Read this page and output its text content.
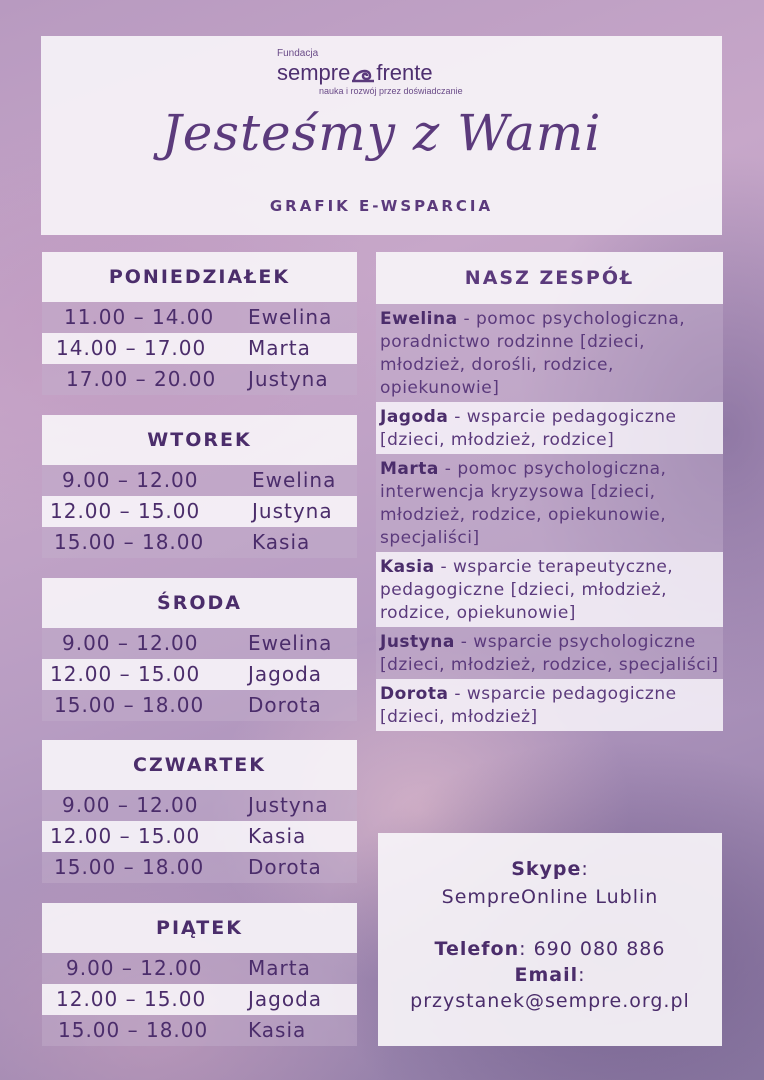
Fundacja
sempre frente
nauka i rozwój przez doświadczanie
Jesteśmy z Wami
GRAFIK E-WSPARCIA
PONIEDZIAŁEK
11.00 – 14.00 Ewelina
14.00 – 17.00 Marta
17.00 – 20.00 Justyna
WTOREK
9.00 – 12.00	Ewelina
12.00 – 15.00	Justyna
15.00 – 18.00 Kasia
ŚRODA
9.00 – 12.00 Ewelina
12.00 – 15.00 Jagoda
15.00 – 18.00 Dorota
CZWARTEK
9.00 – 12.00 Justyna
12.00 – 15.00 Kasia
15.00 – 18.00 Dorota
PIĄTEK
9.00 – 12.00 Marta
12.00 – 15.00 Jagoda
15.00 – 18.00 Kasia
NASZ ZESPÓŁ
Ewelina - pomoc psychologiczna, poradnictwo rodzinne [dzieci, młodzież, dorośli, rodzice, opiekunowie]
Jagoda - wsparcie pedagogiczne [dzieci, młodzież, rodzice]
Marta - pomoc psychologiczna, interwencja kryzysowa [dzieci, młodzież, rodzice, opiekunowie, specjaliści]
Kasia - wsparcie terapeutyczne, pedagogiczne [dzieci, młodzież, rodzice, opiekunowie]
Justyna - wsparcie psychologiczne [dzieci, młodzież, rodzice, specjaliści]
Dorota - wsparcie pedagogiczne [dzieci, młodzież]
Skype:
SempreOnline Lublin
Telefon: 690 080 886
Email:
przystanek@sempre.org.pl
